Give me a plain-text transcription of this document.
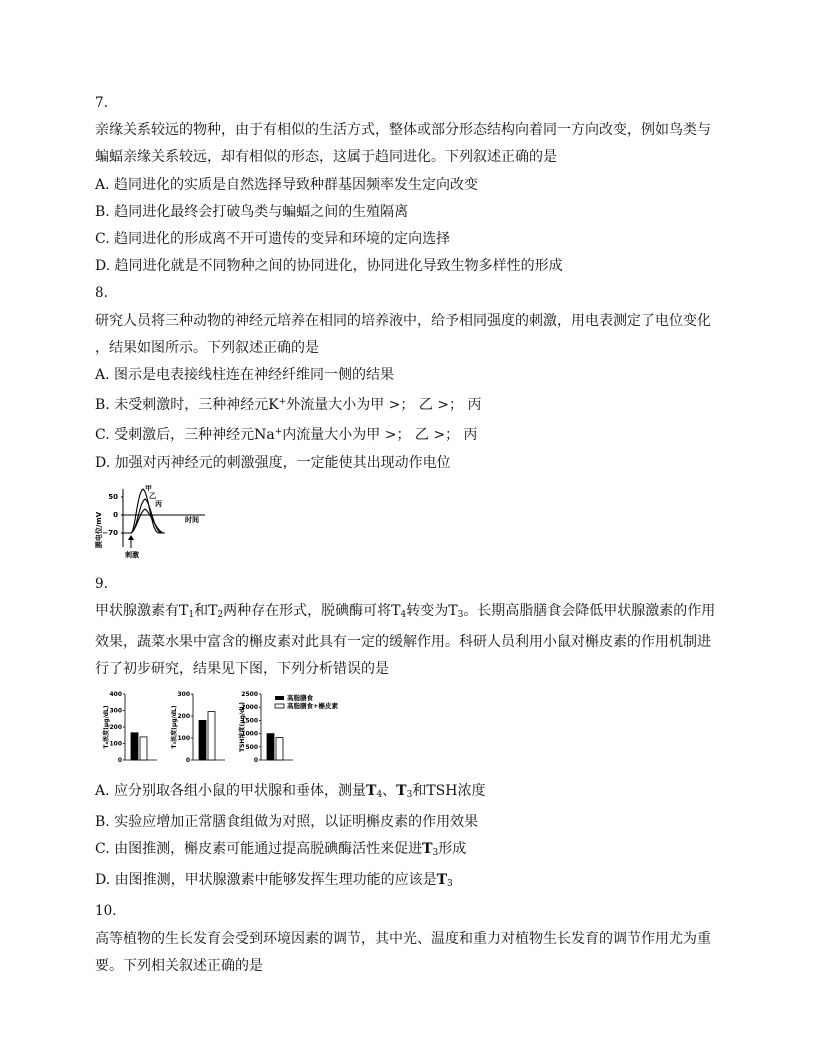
7.
亲缘关系较远的物种，由于有相似的生活方式，整体或部分形态结构向着同一方向改变，例如鸟类与
蝙蝠亲缘关系较远，却有相似的形态，这属于趋同进化。下列叙述正确的是
A. 趋同进化的实质是自然选择导致种群基因频率发生定向改变
B. 趋同进化最终会打破鸟类与蝙蝠之间的生殖隔离
C. 趋同进化的形成离不开可遗传的变异和环境的定向选择
D. 趋同进化就是不同物种之间的协同进化，协同进化导致生物多样性的形成
8.
研究人员将三种动物的神经元培养在相同的培养液中，给予相同强度的刺激，用电表测定了电位变化
，结果如图所示。下列叙述正确的是
A. 图示是电表接线柱连在神经纤维同一侧的结果
B. 未受刺激时，三种神经元K+外流量大小为甲 >； 乙 >； 丙
C. 受刺激后，三种神经元Na+内流量大小为甲 >； 乙 >； 丙
D. 加强对丙神经元的刺激强度，一定能使其出现动作电位
膜电位/mV
50
0
−70
时间
甲
乙
丙
刺激
9.
甲状腺激素有$T_1$和$T_2$两种存在形式，脱碘酶可将$T_4$转变为$T_3$。长期高脂膳食会降低甲状腺激素的作用
效果，蔬菜水果中富含的槲皮素对此具有一定的缓解作用。科研人员利用小鼠对槲皮素的作用机制进
行了初步研究，结果见下图，下列分析错误的是
高脂膳食
高脂膳食+槲皮素
400
300
200
100
0
T₄浓度(μg/dL)
300
200
100
0
T₃浓度(μg/dL)
2500
2000
1500
1000
500
0
TSH浓度(μg/dL)
A. 应分别取各组小鼠的甲状腺和垂体，测量$T_4$、$T_3$和TSH浓度
B. 实验应增加正常膳食组做为对照，以证明槲皮素的作用效果
C. 由图推测，槲皮素可能通过提高脱碘酶活性来促进$T_3$形成
D. 由图推测，甲状腺激素中能够发挥生理功能的应该是$T_3$
10.
高等植物的生长发育会受到环境因素的调节，其中光、温度和重力对植物生长发育的调节作用尤为重
要。下列相关叙述正确的是
